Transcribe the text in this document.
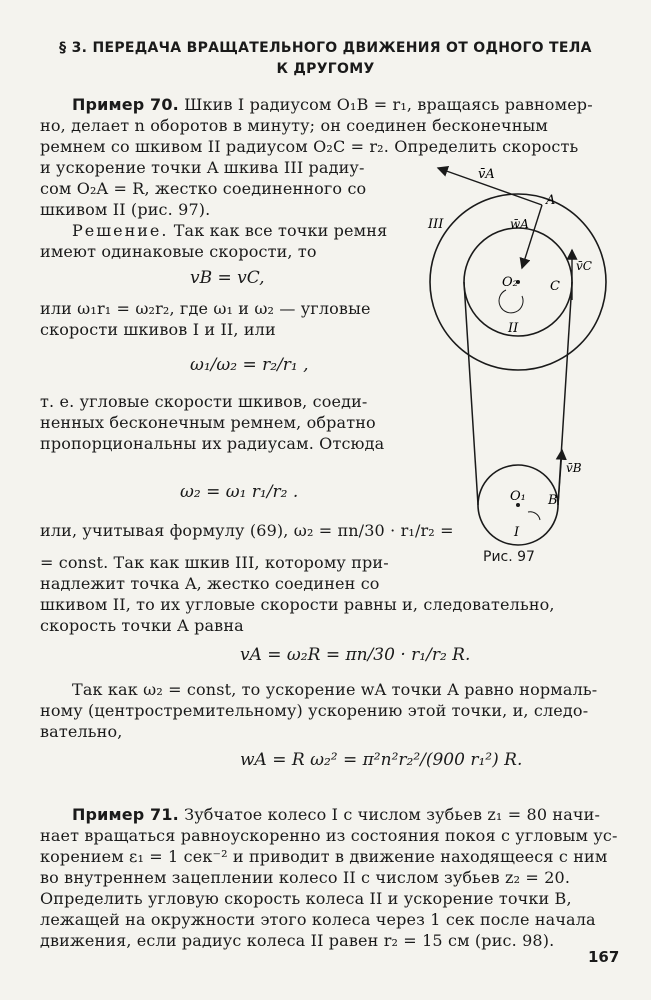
§ 3. ПЕРЕДАЧА ВРАЩАТЕЛЬНОГО ДВИЖЕНИЯ ОТ ОДНОГО ТЕЛА
К ДРУГОМУ
Пример 70. Шкив I радиусом O₁B = r₁, вращаясь равномер-
но, делает n оборотов в минуту; он соединен бесконечным
ремнем со шкивом II радиусом O₂C = r₂. Определить скорость
и ускорение точки A шкива III радиу-
сом O₂A = R, жестко соединенного со
шкивом II (рис. 97).
Решение. Так как все точки ремня
имеют одинаковые скорости, то
vB = vC,
или ω₁r₁ = ω₂r₂, где ω₁ и ω₂ — угловые
скорости шкивов I и II, или
ω₁/ω₂ = r₂/r₁ ,
т. е. угловые скорости шкивов, соеди-
ненных бесконечным ремнем, обратно
пропорциональны их радиусам. Отсюда
ω₂ = ω₁ r₁/r₂ .
или, учитывая формулу (69), ω₂ = πn/30 · r₁/r₂ =
= const. Так как шкив III, которому при-
надлежит точка A, жестко соединен со
шкивом II, то их угловые скорости равны и, следовательно,
скорость точки A равна
vA = ω₂R = πn/30 · r₁/r₂ R.
Так как ω₂ = const, то ускорение wA точки A равно нормаль-
ному (центростремительному) ускорению этой точки, и, следо-
вательно,
wA = R ω₂² = π²n²r₂²/(900 r₁²) R.
Пример 71. Зубчатое колесо I с числом зубьев z₁ = 80 начи-
нает вращаться равноускоренно из состояния покоя с угловым ус-
корением ε₁ = 1 сек⁻² и приводит в движение находящееся с ним
во внутреннем зацеплении колесо II с числом зубьев z₂ = 20.
Определить угловую скорость колеса II и ускорение точки B,
лежащей на окружности этого колеса через 1 сек после начала
движения, если радиус колеса II равен r₂ = 15 см (рис. 98).
v̄A
w̄A
A
III
v̄C
O₂ C
II
v̄B
O₁ B
I
Рис. 97
167
